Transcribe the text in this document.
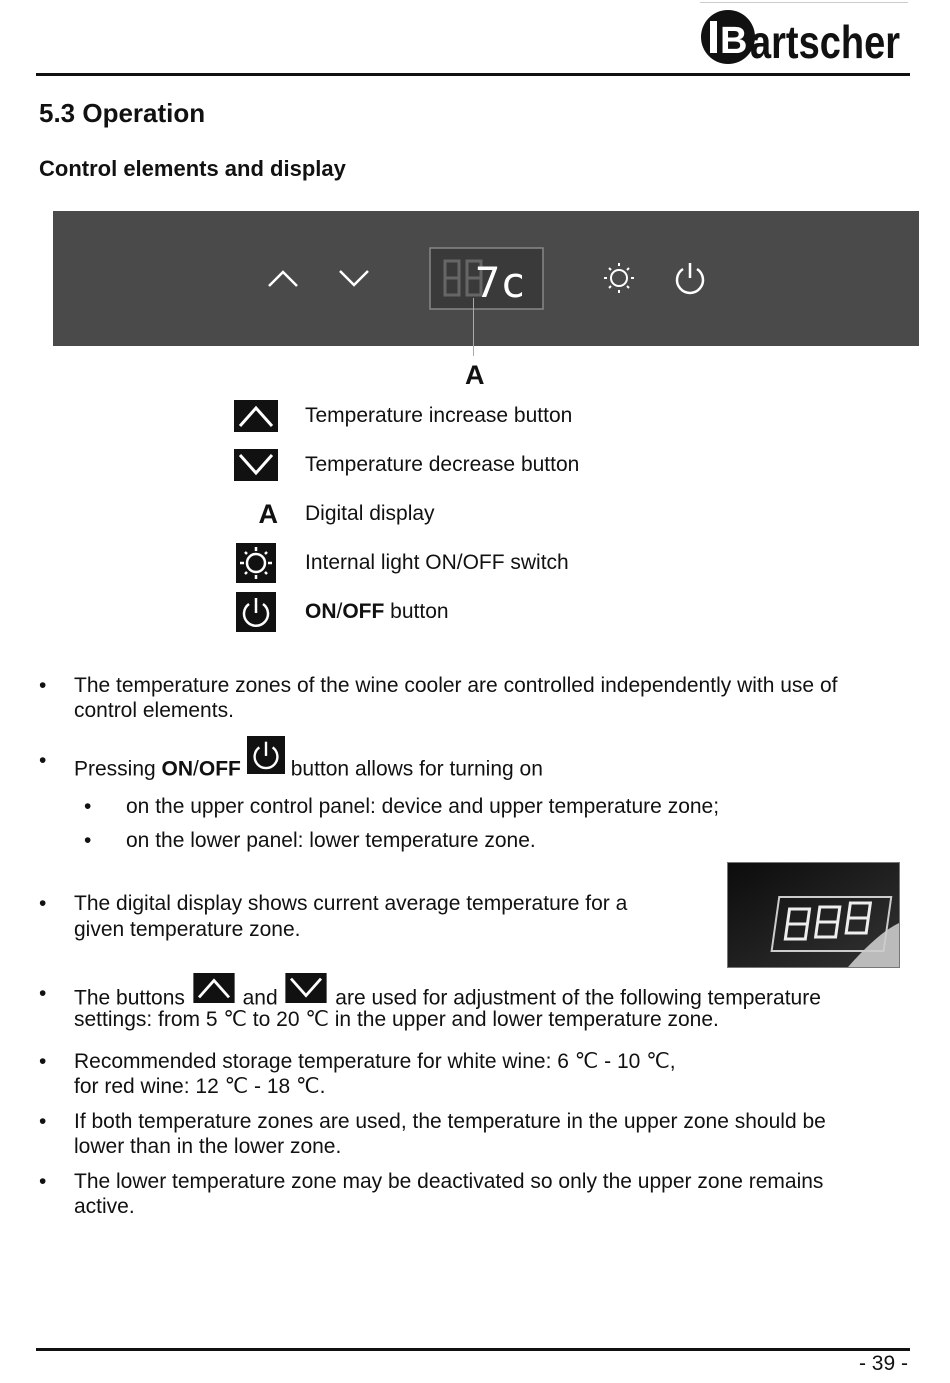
B artscher
5.3 Operation
Control elements and display
7c
A
Temperature increase button
Temperature decrease button
A Digital display
Internal light ON/OFF switch
ON/OFF button
• The temperature zones of the wine cooler are controlled independently with use of
control elements.
• Pressing ON/OFF button allows for turning on
• on the upper control panel: device and upper temperature zone;
• on the lower panel: lower temperature zone.
• The digital display shows current average temperature for a
given temperature zone.
• The buttons  and  are used for adjustment of the following temperature
settings: from 5 ℃ to 20 ℃ in the upper and lower temperature zone.
• Recommended storage temperature for white wine: 6 ℃ - 10 ℃,
for red wine: 12 ℃ - 18 ℃.
• If both temperature zones are used, the temperature in the upper zone should be
lower than in the lower zone.
• The lower temperature zone may be deactivated so only the upper zone remains
active.
- 39 -
